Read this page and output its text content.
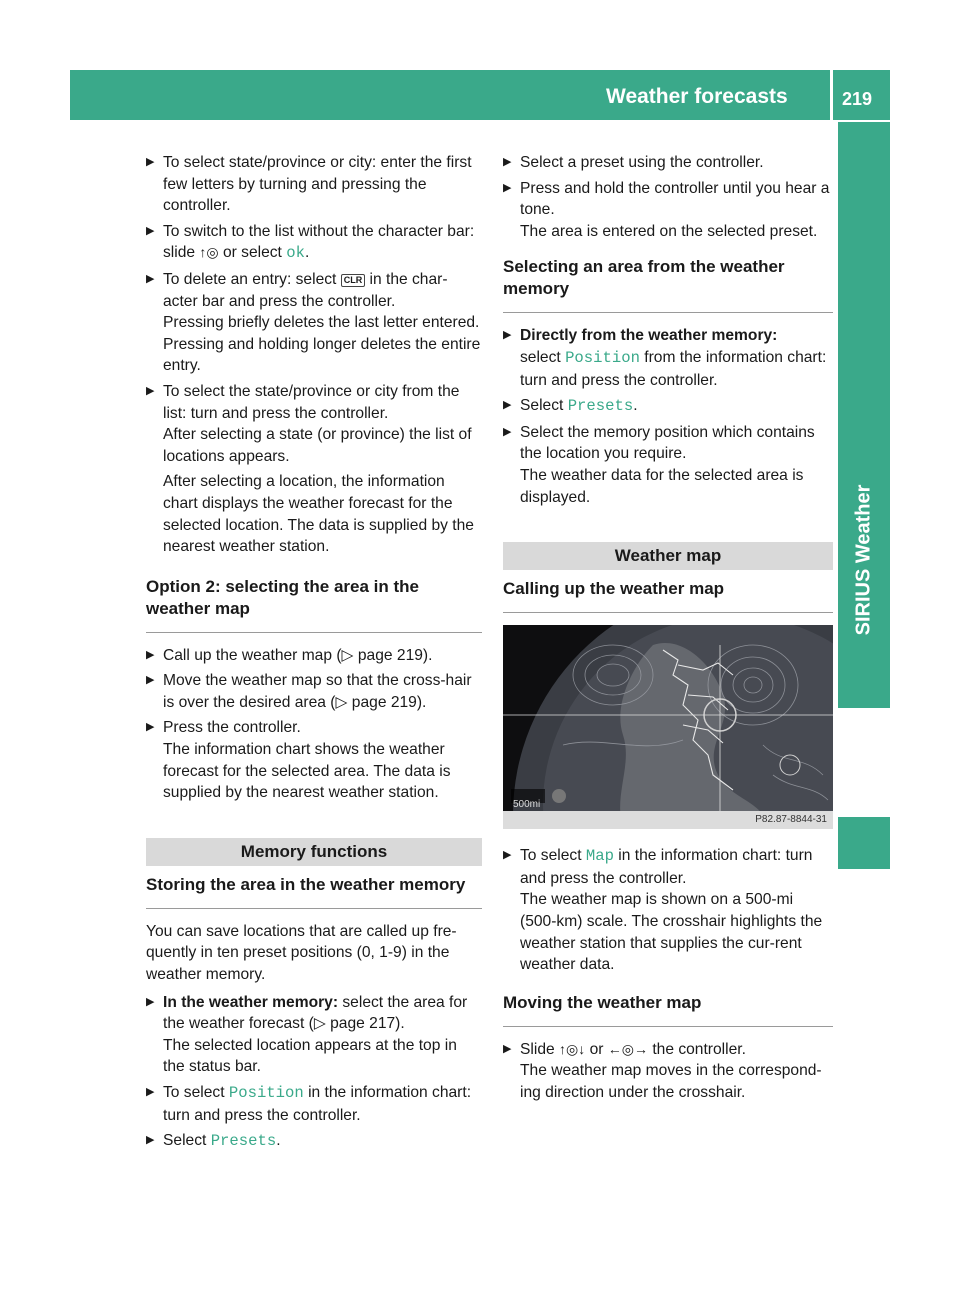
Weather forecasts	219
SIRIUS Weather
▶ To select state/province or city: enter the first few letters by turning and pressing the controller.
▶ To switch to the list without the character bar: slide ↑◎ or select ok.
▶ To delete an entry: select CLR in the char-acter bar and press the controller.

Pressing briefly deletes the last letter entered.

Pressing and holding longer deletes the entire entry.

▶ To select the state/province or city from the list: turn and press the controller.

After selecting a state (or province) the list of locations appears.

After selecting a location, the information chart displays the weather forecast for the selected location. The data is supplied by the nearest weather station.

Option 2: selecting the area in the weather map
▶ Call up the weather map (▷ page 219).
▶ Move the weather map so that the cross-hair is over the desired area (▷ page 219).
▶ Press the controller.

The information chart shows the weather forecast for the selected area. The data is supplied by the nearest weather station.

Memory functions
Storing the area in the weather memory

You can save locations that are called up fre-quently in ten preset positions (0, 1-9) in the weather memory.

▶ In the weather memory: select the area for the weather forecast (▷ page 217).

The selected location appears at the top in the status bar.

▶ To select Position in the information chart: turn and press the controller.
▶ Select Presets.
▶ Select a preset using the controller.
▶ Press and hold the controller until you hear a tone.

The area is entered on the selected preset.

Selecting an area from the weather memory
▶ Directly from the weather memory:

select Position from the information chart: turn and press the controller.

▶ Select Presets.
▶ Select the memory position which contains the location you require.

The weather data for the selected area is displayed.

Weather map
Calling up the weather map
500mi
P82.87-8844-31
▶ To select Map in the information chart: turn and press the controller.

The weather map is shown on a 500-mi (500-km) scale. The crosshair highlights the weather station that supplies the cur-rent weather data.

Moving the weather map
▶ Slide ↑◎↓ or ←◎→ the controller.

The weather map moves in the correspond-ing direction under the crosshair.
